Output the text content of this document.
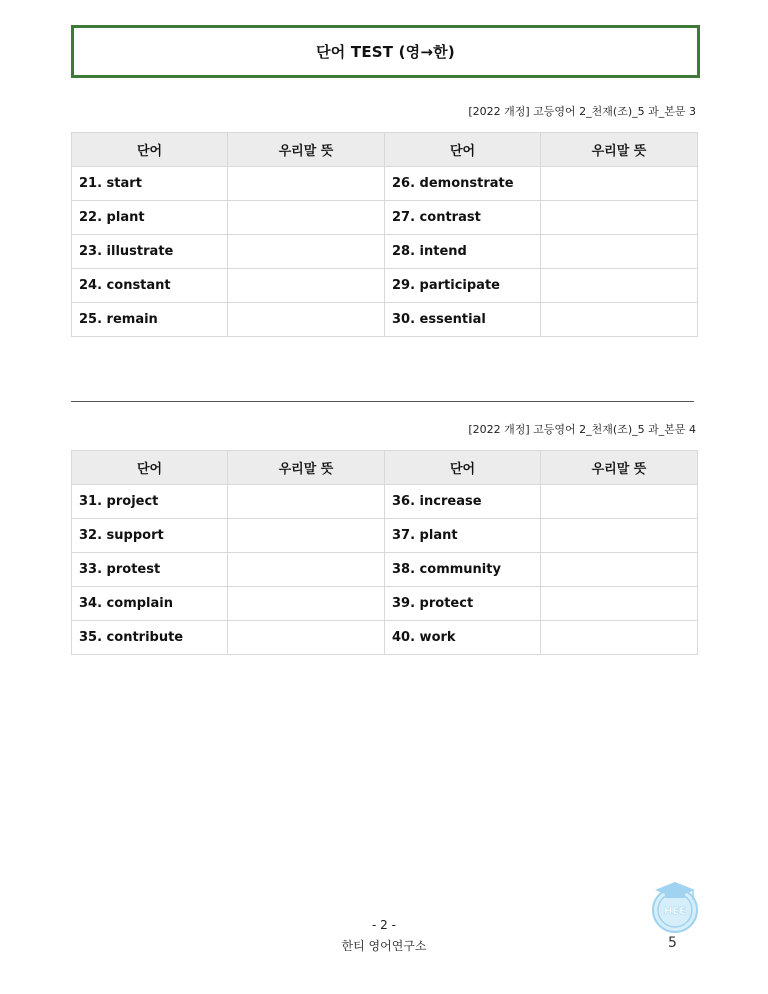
단어 TEST (영→한)
[2022 개정] 고등영어 2_천재(조)_5 과_본문 3
단어	우리말 뜻	단어	우리말 뜻
21. start		26. demonstrate	
22. plant		27. contrast	
23. illustrate		28. intend	
24. constant		29. participate	
25. remain		30. essential	
[2022 개정] 고등영어 2_천재(조)_5 과_본문 4
단어	우리말 뜻	단어	우리말 뜻
31. project		36. increase	
32. support		37. plant	
33. protest		38. community	
34. complain		39. protect	
35. contribute		40. work	
- 2 -
한티 영어연구소
HEE
5
